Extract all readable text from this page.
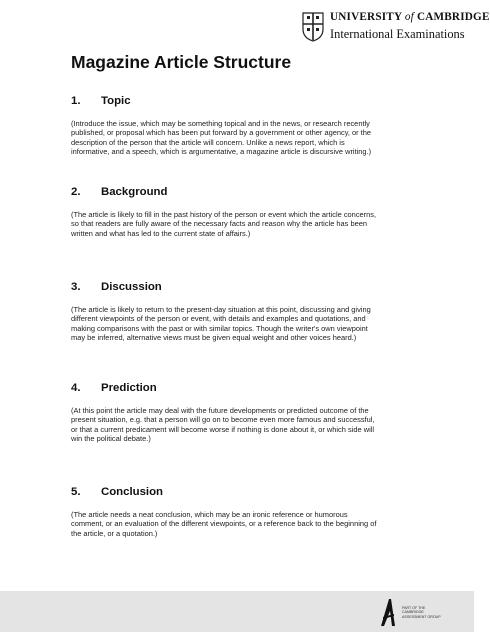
UNIVERSITY of CAMBRIDGE
International Examinations
Magazine Article Structure
1. Topic
(Introduce the issue, which may be something topical and in the news, or research recently
published, or proposal which has been put forward by a government or other agency, or the
description of the person that the article will concern. Unlike a news report, which is
informative, and a speech, which is argumentative, a magazine article is discursive writing.)
2. Background
(The article is likely to fill in the past history of the person or event which the article concerns,
so that readers are fully aware of the necessary facts and reason why the article has been
written and what has led to the current state of affairs.)
3. Discussion
(The article is likely to return to the present-day situation at this point, discussing and giving
different viewpoints of the person or event, with details and examples and quotations, and
making comparisons with the past or with similar topics. Though the writer's own viewpoint
may be inferred, alternative views must be given equal weight and other voices heard.)
4. Prediction
(At this point the article may deal with the future developments or predicted outcome of the
present situation, e.g. that a person will go on to become even more famous and successful,
or that a current predicament will become worse if nothing is done about it, or which side will
win the political debate.)
5. Conclusion
(The article needs a neat conclusion, which may be an ironic reference or humorous
comment, or an evaluation of the different viewpoints, or a reference back to the beginning of
the article, or a quotation.)
PART OF THE CAMBRIDGE ASSESSMENT GROUP
